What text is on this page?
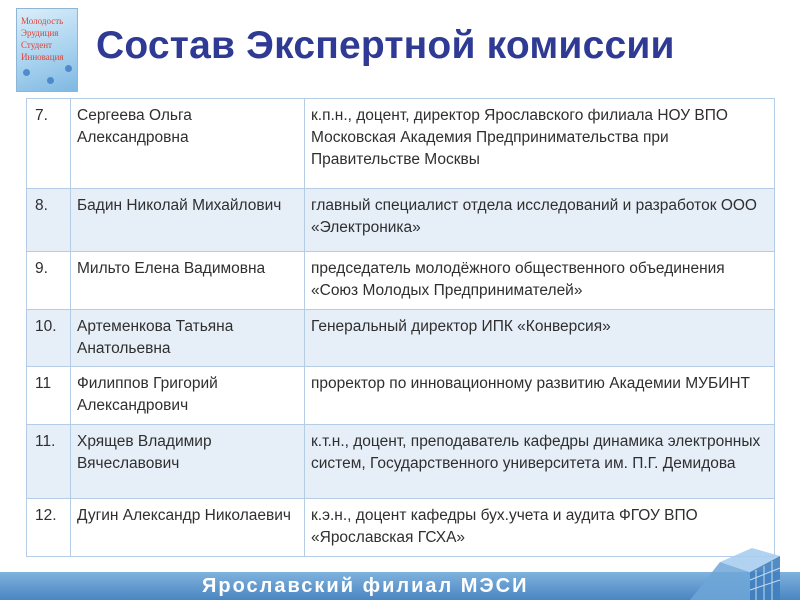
Молодость
Эрудиция
Студент
Инновация Состав Экспертной комиссии
7.	Сергеева Ольга Александровна	к.п.н., доцент, директор Ярославского филиала НОУ ВПО Московская Академия Предпринимательства при Правительстве Москвы
8.	Бадин Николай Михайлович	главный специалист отдела исследований и разработок ООО «Электроника»
9.	Мильто Елена Вадимовна	председатель молодёжного общественного объединения «Союз Молодых Предпринимателей»
10.	Артеменкова Татьяна Анатольевна	Генеральный директор ИПК «Конверсия»
11	Филиппов Григорий Александрович	проректор по инновационному развитию Академии МУБИНТ
11.	Хрящев Владимир Вячеславович	к.т.н., доцент, преподаватель кафедры динамика электронных систем, Государственного университета им. П.Г. Демидова
12.	Дугин Александр Николаевич	к.э.н., доцент кафедры бух.учета и аудита ФГОУ ВПО «Ярославская ГСХА»
Ярославский филиал МЭСИ
